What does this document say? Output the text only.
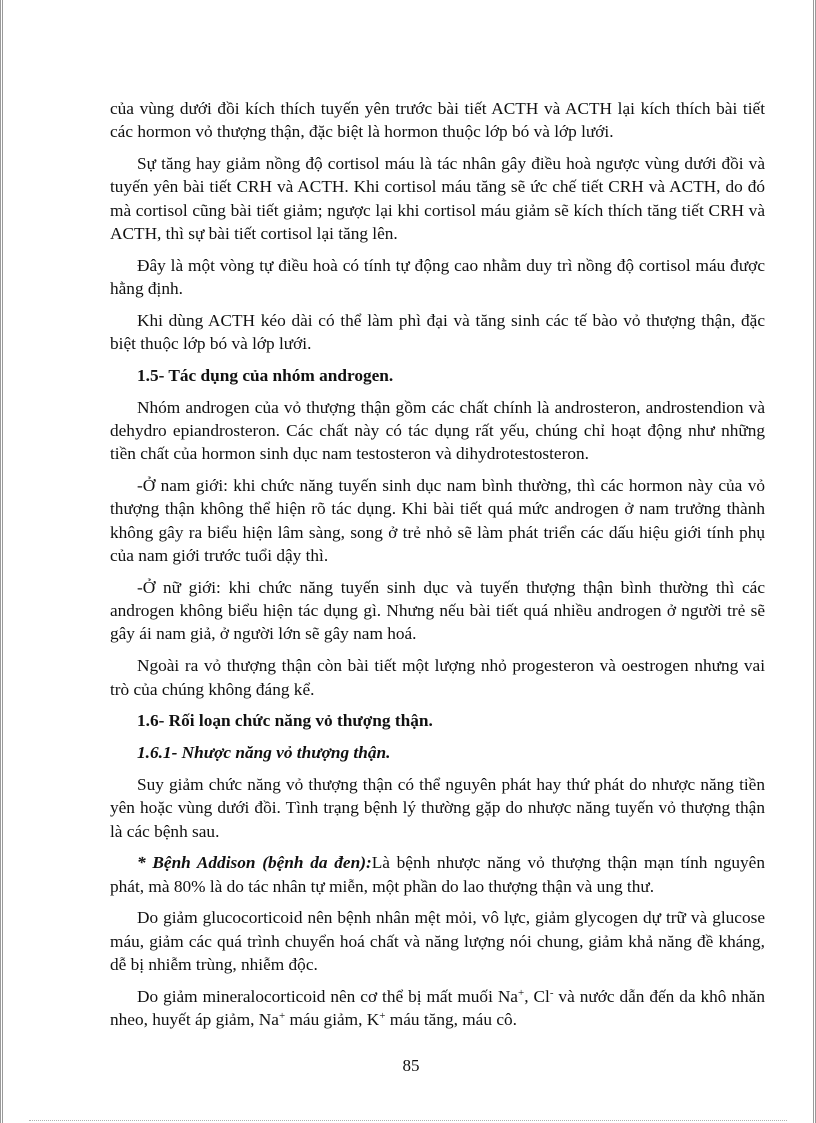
của vùng dưới đồi kích thích tuyến yên trước bài tiết ACTH và ACTH lại kích thích bài tiết các hormon vỏ thượng thận, đặc biệt là hormon thuộc lớp bó và lớp lưới.

Sự tăng hay giảm nồng độ cortisol máu là tác nhân gây điều hoà ngược vùng dưới đồi và tuyến yên bài tiết CRH và ACTH. Khi cortisol máu tăng sẽ ức chế tiết CRH và ACTH, do đó mà cortisol cũng bài tiết giảm; ngược lại khi cortisol máu giảm sẽ kích thích tăng tiết CRH và ACTH, thì sự bài tiết cortisol lại tăng lên.

Đây là một vòng tự điều hoà có tính tự động cao nhằm duy trì nồng độ cortisol máu được hằng định.

Khi dùng ACTH kéo dài có thể làm phì đại và tăng sinh các tế bào vỏ thượng thận, đặc biệt thuộc lớp bó và lớp lưới.

1.5- Tác dụng của nhóm androgen.

Nhóm androgen của vỏ thượng thận gồm các chất chính là androsteron, androstendion và dehydro epiandrosteron. Các chất này có tác dụng rất yếu, chúng chỉ hoạt động như những tiền chất của hormon sinh dục nam testosteron và dihydrotestosteron.

-Ở nam giới: khi chức năng tuyến sinh dục nam bình thường, thì các hormon này của vỏ thượng thận không thể hiện rõ tác dụng. Khi bài tiết quá mức androgen ở nam trưởng thành không gây ra biểu hiện lâm sàng, song ở trẻ nhỏ sẽ làm phát triển các dấu hiệu giới tính phụ của nam giới trước tuổi dậy thì.

-Ở nữ giới: khi chức năng tuyến sinh dục và tuyến thượng thận bình thường thì các androgen không biểu hiện tác dụng gì. Nhưng nếu bài tiết quá nhiều androgen ở người trẻ sẽ gây ái nam giả, ở người lớn sẽ gây nam hoá.

Ngoài ra vỏ thượng thận còn bài tiết một lượng nhỏ progesteron và oestrogen nhưng vai trò của chúng không đáng kể.

1.6- Rối loạn chức năng vỏ thượng thận.

1.6.1- Nhược năng vỏ thượng thận.

Suy giảm chức năng vỏ thượng thận có thể nguyên phát hay thứ phát do nhược năng tiền yên hoặc vùng dưới đồi. Tình trạng bệnh lý thường gặp do nhược năng tuyến vỏ thượng thận là các bệnh sau.

* Bệnh Addison (bệnh da đen):Là bệnh nhược năng vỏ thượng thận mạn tính nguyên phát, mà 80% là do tác nhân tự miễn, một phần do lao thượng thận và ung thư.

Do giảm glucocorticoid nên bệnh nhân mệt mỏi, vô lực, giảm glycogen dự trữ và glucose máu, giảm các quá trình chuyển hoá chất và năng lượng nói chung, giảm khả năng đề kháng, dễ bị nhiễm trùng, nhiễm độc.

Do giảm mineralocorticoid nên cơ thể bị mất muối Na+, Cl- và nước dẫn đến da khô nhăn nheo, huyết áp giảm, Na+ máu giảm, K+ máu tăng, máu cô.

85
